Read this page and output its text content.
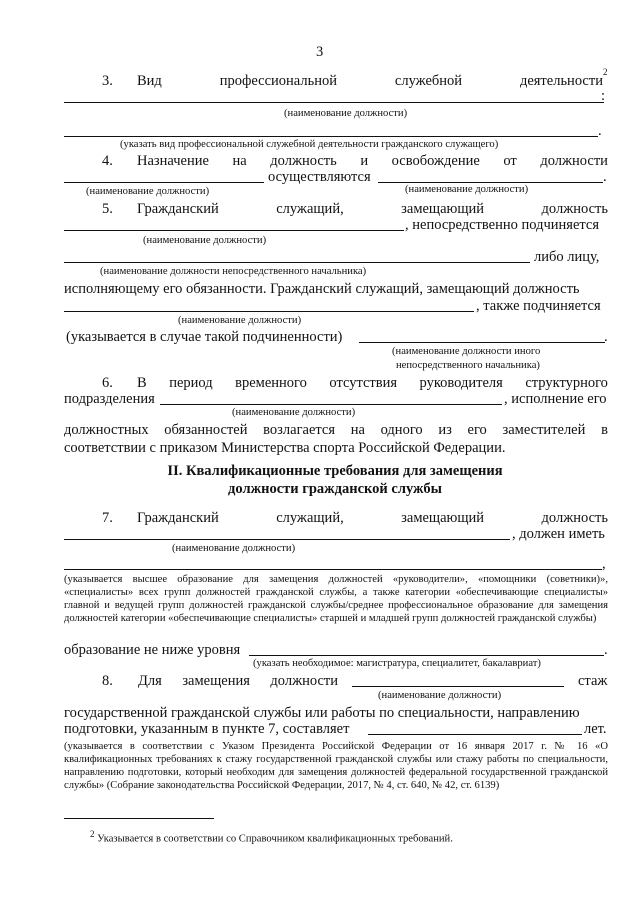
3
3. Вид	профессиональной	служебной	деятельности
2
:
(наименование должности)
.
(указать вид профессиональной служебной деятельности гражданского служащего)
4. Назначение на должность и освобождение от должности
осуществляются	.
(наименование должности)	(наименование должности)
5. Гражданский	служащий,	замещающий	должность
, непосредственно подчиняется
(наименование должности)
либо лицу,
(наименование должности непосредственного начальника)
исполняющему его обязанности. Гражданский служащий, замещающий должность
, также подчиняется
(наименование должности)
(указывается в случае такой подчиненности)	.
(наименование должности иного
непосредственного начальника)
6. В период временного отсутствия руководителя структурного
подразделения	, исполнение его
(наименование должности)
должностных обязанностей возлагается на одного из его заместителей в
соответствии с приказом Министерства спорта Российской Федерации.
II. Квалификационные требования для замещения
должности гражданской службы
7. Гражданский	служащий,	замещающий	должность
, должен иметь
(наименование должности)
,
(указывается высшее образование для замещения должностей «руководители», «помощники (советники)», «специалисты» всех групп должностей гражданской службы, а также категории «обеспечивающие специалисты» главной и ведущей групп должностей гражданской службы/среднее профессиональное образование для замещения должностей категории «обеспечивающие специалисты» старшей и младшей групп должностей гражданской службы)
образование не ниже уровня	.
(указать необходимое: магистратура, специалитет, бакалавриат)
8. Для замещения должности	стаж
(наименование должности)
государственной гражданской службы или работы по специальности, направлению
подготовки, указанным в пункте 7, составляет	лет.
(указывается в соответствии с Указом Президента Российской Федерации от 16 января 2017 г. № 16 «О квалификационных требованиях к стажу государственной гражданской службы или стажу работы по специальности, направлению подготовки, который необходим для замещения должностей федеральной государственной гражданской службы» (Собрание законодательства Российской Федерации, 2017, № 4, ст. 640, № 42, ст. 6139)
$^2$ Указывается в соответствии со Справочником квалификационных требований.
